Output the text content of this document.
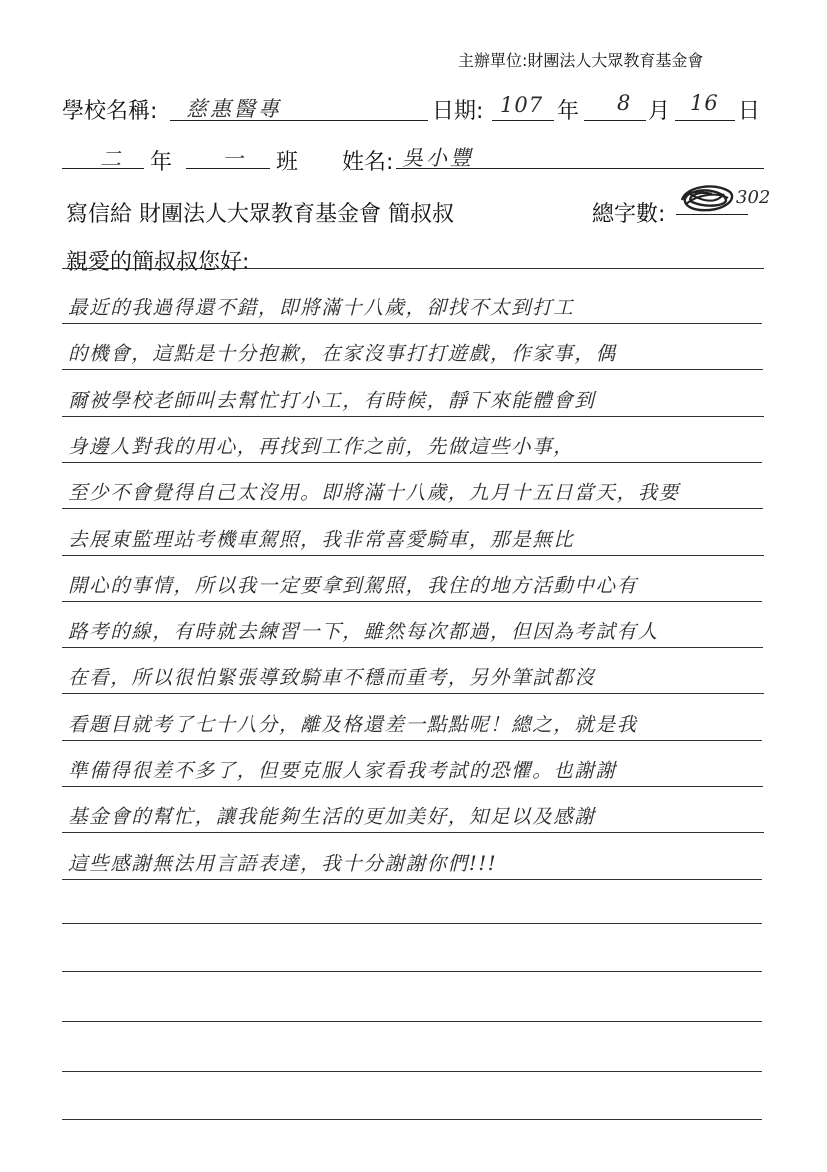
主辦單位:財團法人大眾教育基金會
學校名稱: 慈惠醫專	日期: 107 年 8 月 16 日
二 年 一 班 姓名: 吳小豐
寫信給 財團法人大眾教育基金會 簡叔叔	總字數:
302
親愛的簡叔叔您好:
最近的我過得還不錯，即將滿十八歲，卻找不太到打工
的機會，這點是十分抱歉，在家沒事打打遊戲，作家事，偶
爾被學校老師叫去幫忙打小工，有時候，靜下來能體會到
身邊人對我的用心，再找到工作之前，先做這些小事，
至少不會覺得自己太沒用。即將滿十八歲，九月十五日當天，我要
去展東監理站考機車駕照，我非常喜愛騎車，那是無比
開心的事情，所以我一定要拿到駕照，我住的地方活動中心有
路考的線，有時就去練習一下，雖然每次都過，但因為考試有人
在看，所以很怕緊張導致騎車不穩而重考，另外筆試都沒
看題目就考了七十八分，離及格還差一點點呢！總之，就是我
準備得很差不多了，但要克服人家看我考試的恐懼。也謝謝
基金會的幫忙，讓我能夠生活的更加美好，知足以及感謝
這些感謝無法用言語表達，我十分謝謝你們!!!
